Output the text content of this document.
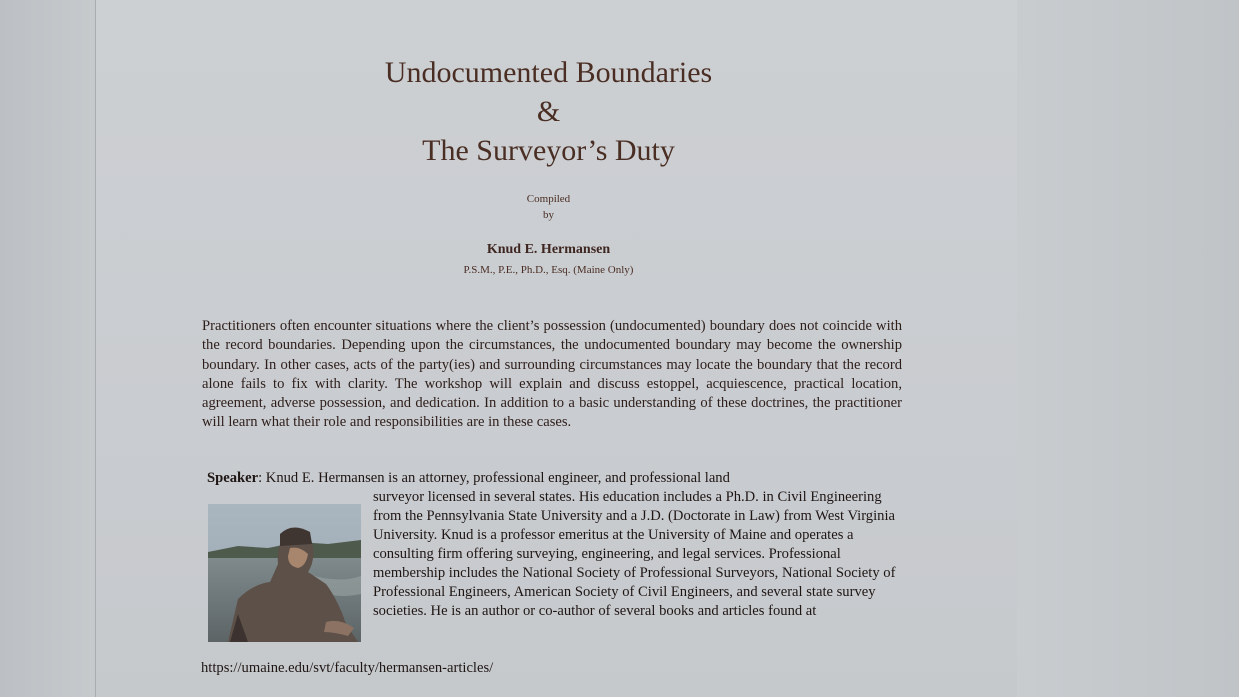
Undocumented Boundaries
&
The Surveyor’s Duty
Compiled
by
Knud E. Hermansen
P.S.M., P.E., Ph.D., Esq. (Maine Only)
Practitioners often encounter situations where the client’s possession (undocumented) boundary does not coincide with the record boundaries. Depending upon the circumstances, the undocumented boundary may become the ownership boundary. In other cases, acts of the party(ies) and surrounding circumstances may locate the boundary that the record alone fails to fix with clarity. The workshop will explain and discuss estoppel, acquiescence, practical location, agreement, adverse possession, and dedication. In addition to a basic understanding of these doctrines, the practitioner will learn what their role and responsibilities are in these cases.
Speaker: Knud E. Hermansen is an attorney, professional engineer, and professional land
surveyor licensed in several states. His education includes a Ph.D. in Civil Engineering from the Pennsylvania State University and a J.D. (Doctorate in Law) from West Virginia University. Knud is a professor emeritus at the University of Maine and operates a consulting firm offering surveying, engineering, and legal services. Professional membership includes the National Society of Professional Surveyors, National Society of Professional Engineers, American Society of Civil Engineers, and several state survey societies. He is an author or co-author of several books and articles found at
https://umaine.edu/svt/faculty/hermansen-articles/
